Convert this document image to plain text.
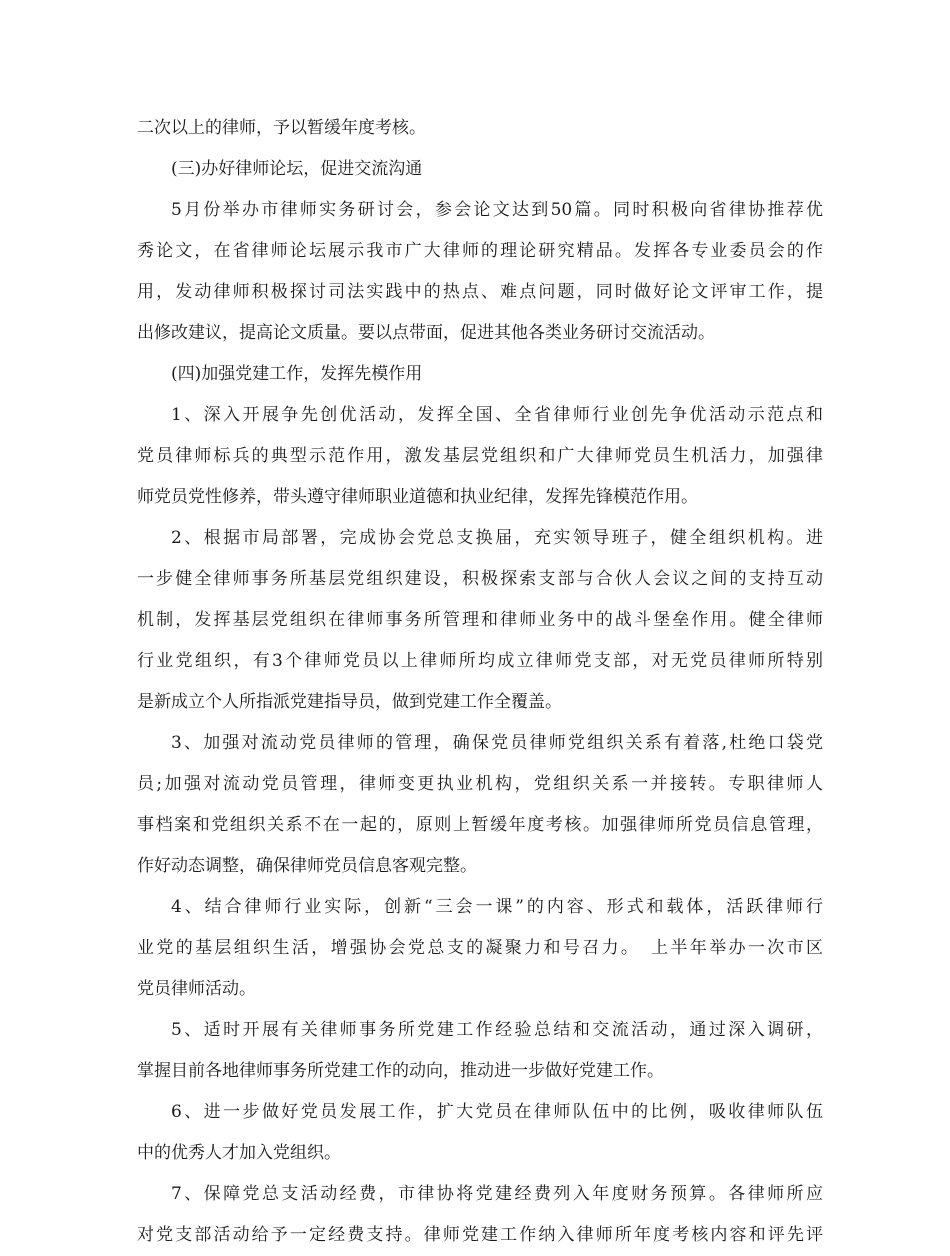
二次以上的律师，予以暂缓年度考核。
(三)办好律师论坛，促进交流沟通
5月份举办市律师实务研讨会，参会论文达到50篇。同时积极向省律协推荐优
秀论文，在省律师论坛展示我市广大律师的理论研究精品。发挥各专业委员会的作
用，发动律师积极探讨司法实践中的热点、难点问题，同时做好论文评审工作，提
出修改建议，提高论文质量。要以点带面，促进其他各类业务研讨交流活动。
(四)加强党建工作，发挥先模作用
1、深入开展争先创优活动，发挥全国、全省律师行业创先争优活动示范点和
党员律师标兵的典型示范作用，激发基层党组织和广大律师党员生机活力，加强律
师党员党性修养，带头遵守律师职业道德和执业纪律，发挥先锋模范作用。
2、根据市局部署，完成协会党总支换届，充实领导班子，健全组织机构。进
一步健全律师事务所基层党组织建设，积极探索支部与合伙人会议之间的支持互动
机制，发挥基层党组织在律师事务所管理和律师业务中的战斗堡垒作用。健全律师
行业党组织，有3个律师党员以上律师所均成立律师党支部，对无党员律师所特别
是新成立个人所指派党建指导员，做到党建工作全覆盖。
3、加强对流动党员律师的管理，确保党员律师党组织关系有着落,杜绝口袋党
员;加强对流动党员管理，律师变更执业机构，党组织关系一并接转。专职律师人
事档案和党组织关系不在一起的，原则上暂缓年度考核。加强律师所党员信息管理，
作好动态调整，确保律师党员信息客观完整。
4、结合律师行业实际，创新“三会一课”的内容、形式和载体，活跃律师行
业党的基层组织生活，增强协会党总支的凝聚力和号召力。　上半年举办一次市区
党员律师活动。
5、适时开展有关律师事务所党建工作经验总结和交流活动，通过深入调研，
掌握目前各地律师事务所党建工作的动向，推动进一步做好党建工作。
6、进一步做好党员发展工作，扩大党员在律师队伍中的比例，吸收律师队伍
中的优秀人才加入党组织。
7、保障党总支活动经费，市律协将党建经费列入年度财务预算。各律师所应
对党支部活动给予一定经费支持。律师党建工作纳入律师所年度考核内容和评先评
